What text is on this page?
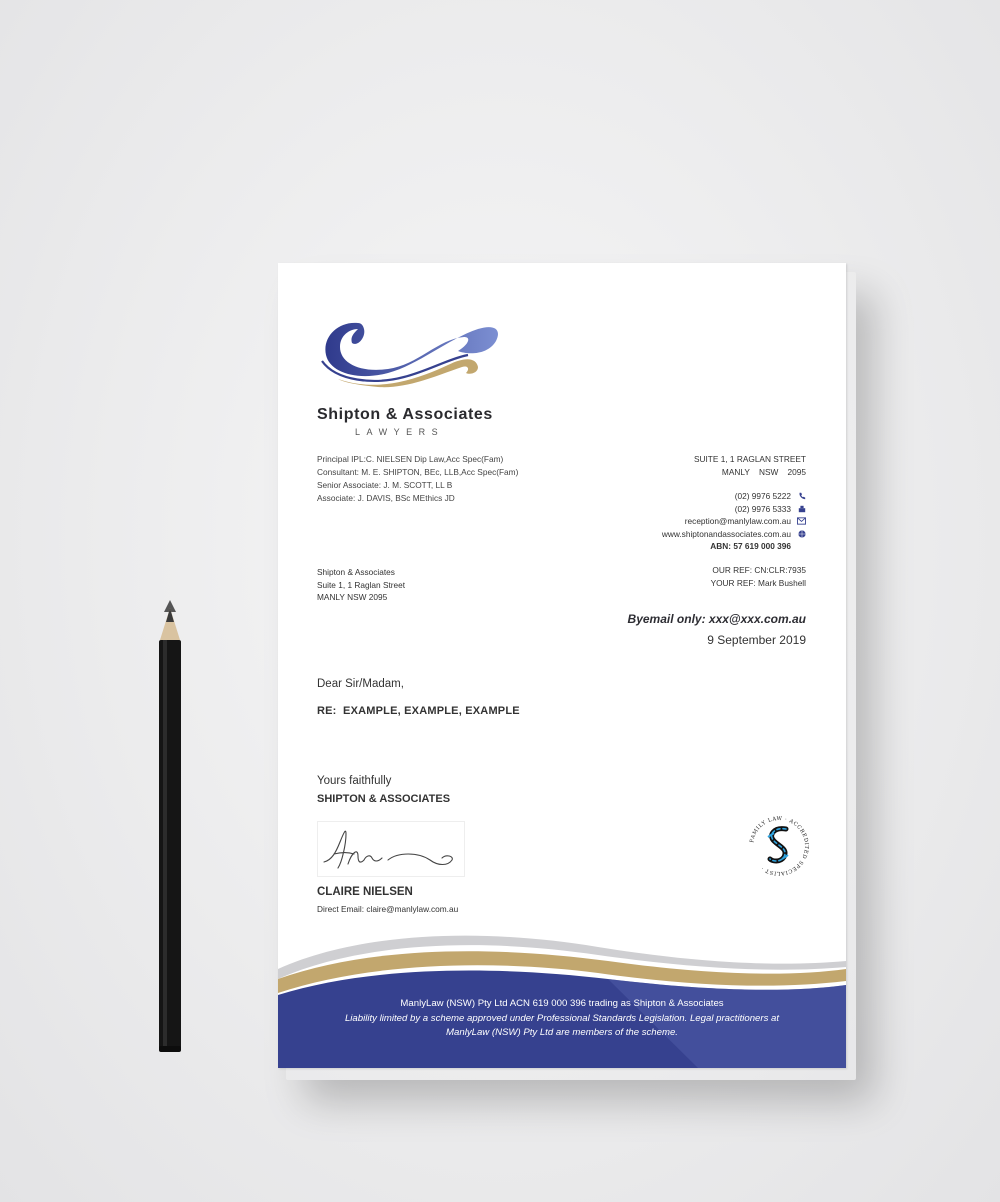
Shipton & Associates
LAWYERS
Principal IPL:C. NIELSEN Dip Law,Acc Spec(Fam)
Consultant: M. E. SHIPTON, BEc, LLB,Acc Spec(Fam)
Senior Associate: J. M. SCOTT, LL B
Associate: J. DAVIS, BSc MEthics JD
SUITE 1, 1 RAGLAN STREET
MANLY    NSW    2095
(02) 9976 5222
(02) 9976 5333
reception@manlylaw.com.au
www.shiptonandassociates.com.au
ABN: 57 619 000 396
Shipton & Associates
Suite 1, 1 Raglan Street
MANLY NSW 2095
OUR REF: CN:CLR:7935
YOUR REF: Mark Bushell
Byemail only: xxx@xxx.com.au
9 September 2019
Dear Sir/Madam,
RE:  EXAMPLE, EXAMPLE, EXAMPLE
Yours faithfully
SHIPTON & ASSOCIATES
CLAIRE NIELSEN
Direct Email: claire@manlylaw.com.au
FAMILY LAW · ACCREDITED SPECIALIST ·
ManlyLaw (NSW) Pty Ltd ACN 619 000 396 trading as Shipton & Associates
Liability limited by a scheme approved under Professional Standards Legislation. Legal practitioners at
ManlyLaw (NSW) Pty Ltd are members of the scheme.
